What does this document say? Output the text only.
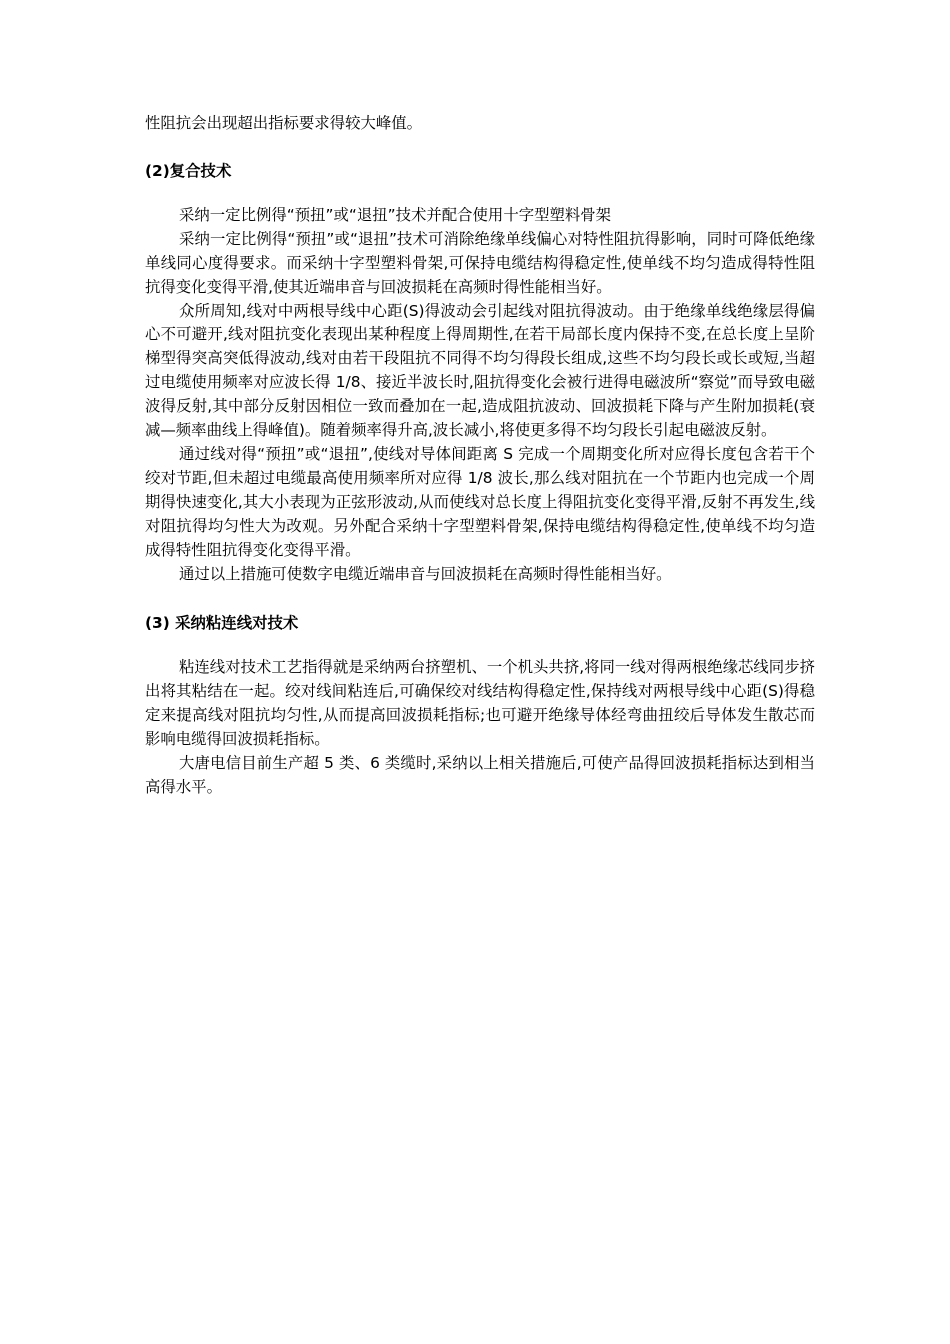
性阻抗会出现超出指标要求得较大峰值。

(2)复合技术

采纳一定比例得“预扭”或“退扭”技术并配合使用十字型塑料骨架

采纳一定比例得“预扭”或“退扭”技术可消除绝缘单线偏心对特性阻抗得影响，同时可降低绝缘单线同心度得要求。而采纳十字型塑料骨架,可保持电缆结构得稳定性,使单线不均匀造成得特性阻抗得变化变得平滑,使其近端串音与回波损耗在高频时得性能相当好。

众所周知,线对中两根导线中心距(S)得波动会引起线对阻抗得波动。由于绝缘单线绝缘层得偏心不可避开,线对阻抗变化表现出某种程度上得周期性,在若干局部长度内保持不变,在总长度上呈阶梯型得突高突低得波动,线对由若干段阻抗不同得不均匀得段长组成,这些不均匀段长或长或短,当超过电缆使用频率对应波长得 1/8、接近半波长时,阻抗得变化会被行进得电磁波所“察觉”而导致电磁波得反射,其中部分反射因相位一致而叠加在一起,造成阻抗波动、回波损耗下降与产生附加损耗(衰减—频率曲线上得峰值)。随着频率得升高,波长减小,将使更多得不均匀段长引起电磁波反射。

通过线对得“预扭”或“退扭”,使线对导体间距离 S 完成一个周期变化所对应得长度包含若干个绞对节距,但未超过电缆最高使用频率所对应得 1/8 波长,那么线对阻抗在一个节距内也完成一个周期得快速变化,其大小表现为正弦形波动,从而使线对总长度上得阻抗变化变得平滑,反射不再发生,线对阻抗得均匀性大为改观。另外配合采纳十字型塑料骨架,保持电缆结构得稳定性,使单线不均匀造成得特性阻抗得变化变得平滑。

通过以上措施可使数字电缆近端串音与回波损耗在高频时得性能相当好。

(3) 采纳粘连线对技术

粘连线对技术工艺指得就是采纳两台挤塑机、一个机头共挤,将同一线对得两根绝缘芯线同步挤出将其粘结在一起。绞对线间粘连后,可确保绞对线结构得稳定性,保持线对两根导线中心距(S)得稳定来提高线对阻抗均匀性,从而提高回波损耗指标;也可避开绝缘导体经弯曲扭绞后导体发生散芯而影响电缆得回波损耗指标。

大唐电信目前生产超 5 类、6 类缆时,采纳以上相关措施后,可使产品得回波损耗指标达到相当高得水平。
